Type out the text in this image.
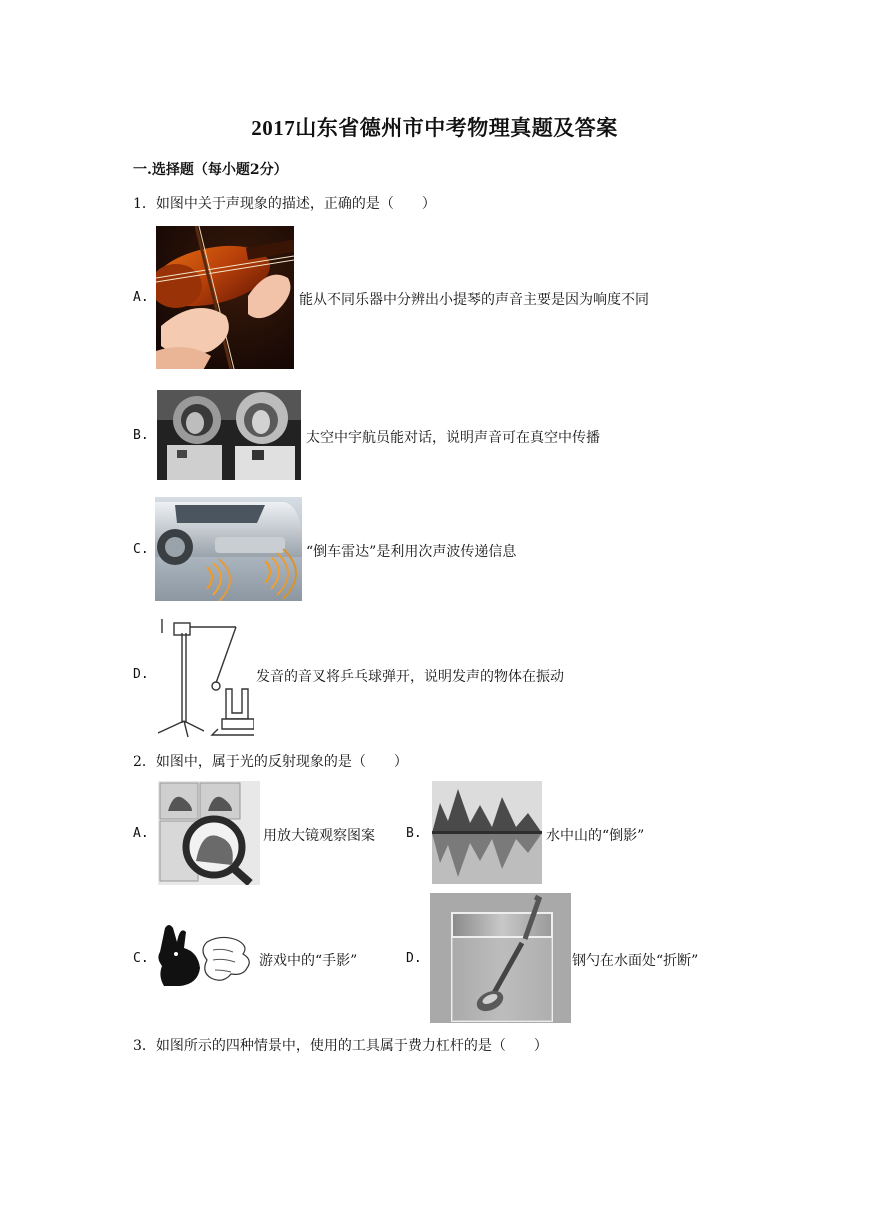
2017山东省德州市中考物理真题及答案
一.选择题（每小题2分）
1．如图中关于声现象的描述，正确的是（　　）
A.	能从不同乐器中分辨出小提琴的声音主要是因为响度不同
B.	太空中宇航员能对话，说明声音可在真空中传播
C.	“倒车雷达”是利用次声波传递信息
D.	发音的音叉将乒乓球弹开，说明发声的物体在振动
2．如图中，属于光的反射现象的是（　　）
A.	用放大镜观察图案 B.	水中山的“倒影”
C.	游戏中的“手影”	D.	钢勺在水面处“折断”
3．如图所示的四种情景中，使用的工具属于费力杠杆的是（　　）
